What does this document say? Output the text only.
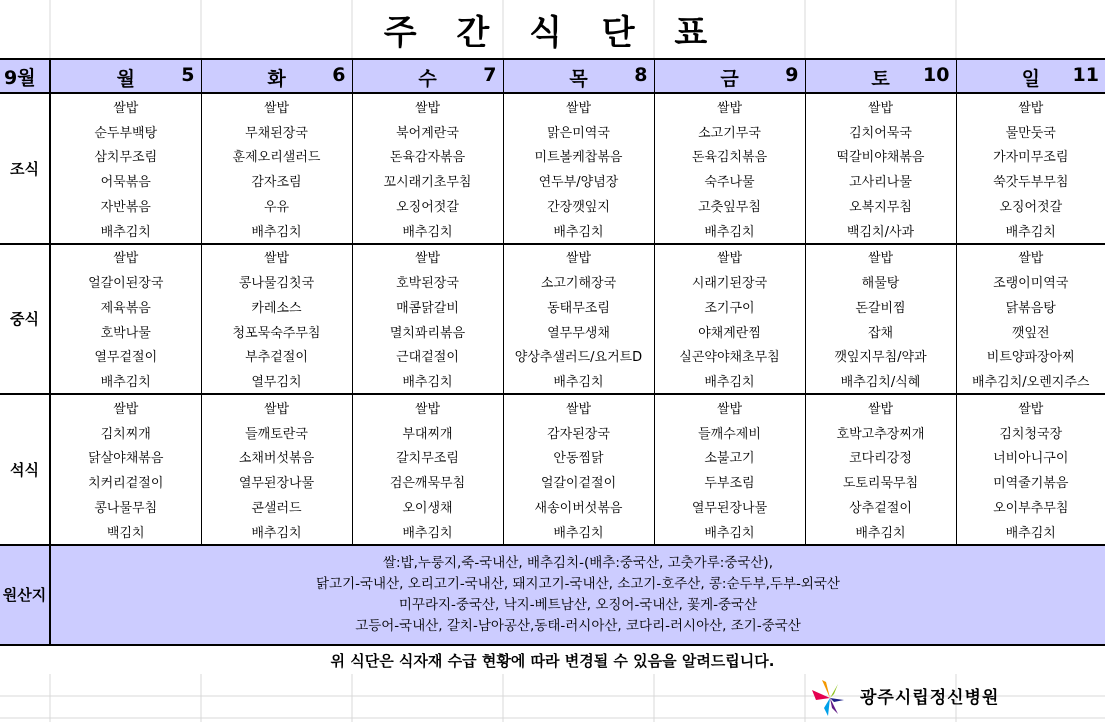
주 간 식 단 표
9월	월 5	화 6	수 7	목 8	금 9	토 10	일 11

조식	쌀밥	쌀밥	쌀밥	쌀밥	쌀밥	쌀밥	쌀밥
	순두부백탕	무채된장국	북어계란국	맑은미역국	소고기무국	김치어묵국	물만둣국
	삼치무조림	훈제오리샐러드	돈육감자볶음	미트볼케찹볶음	돈육김치볶음	떡갈비야채볶음	가자미무조림
	어묵볶음	감자조림	꼬시래기초무침	연두부/양념장	숙주나물	고사리나물	쑥갓두부무침
	자반볶음	우유	오징어젓갈	간장깻잎지	고춧잎무침	오복지무침	오징어젓갈
	배추김치	배추김치	배추김치	배추김치	배추김치	백김치/사과	배추김치
중식	쌀밥	쌀밥	쌀밥	쌀밥	쌀밥	쌀밥	쌀밥
	얼갈이된장국	콩나물김칫국	호박된장국	소고기해장국	시래기된장국	해물탕	조랭이미역국
	제육볶음	카레소스	매콤닭갈비	동태무조림	조기구이	돈갈비찜	닭볶음탕
	호박나물	청포묵숙주무침	멸치꽈리볶음	열무무생채	야채계란찜	잡채	깻잎전
	열무겉절이	부추겉절이	근대겉절이	양상추샐러드/요거트D	실곤약야채초무침	깻잎지무침/약과	비트양파장아찌
	배추김치	열무김치	배추김치	배추김치	배추김치	배추김치/식혜	배추김치/오렌지주스
석식	쌀밥	쌀밥	쌀밥	쌀밥	쌀밥	쌀밥	쌀밥
	김치찌개	들깨토란국	부대찌개	감자된장국	들깨수제비	호박고추장찌개	김치청국장
	닭살야채볶음	소채버섯볶음	갈치무조림	안동찜닭	소불고기	코다리강정	너비아니구이
	치커리겉절이	열무된장나물	검은깨묵무침	얼갈이겉절이	두부조림	도토리묵무침	미역줄기볶음
	콩나물무침	콘샐러드	오이생채	새송이버섯볶음	열무된장나물	상추겉절이	오이부추무침
	백김치	배추김치	배추김치	배추김치	배추김치	배추김치	배추김치
원산지	쌀:밥,누룽지,죽-국내산, 배추김치-(배추:중국산, 고춧가루:중국산),
닭고기-국내산, 오리고기-국내산, 돼지고기-국내산, 소고기-호주산, 콩:순두부,두부-외국산
미꾸라지-중국산, 낙지-베트남산, 오징어-국내산, 꽃게-중국산
고등어-국내산, 갈치-남아공산,동태-러시아산, 코다리-러시아산, 조기-중국산						
위 식단은 식자재 수급 현황에 따라 변경될 수 있음을 알려드립니다.
광주시립정신병원
